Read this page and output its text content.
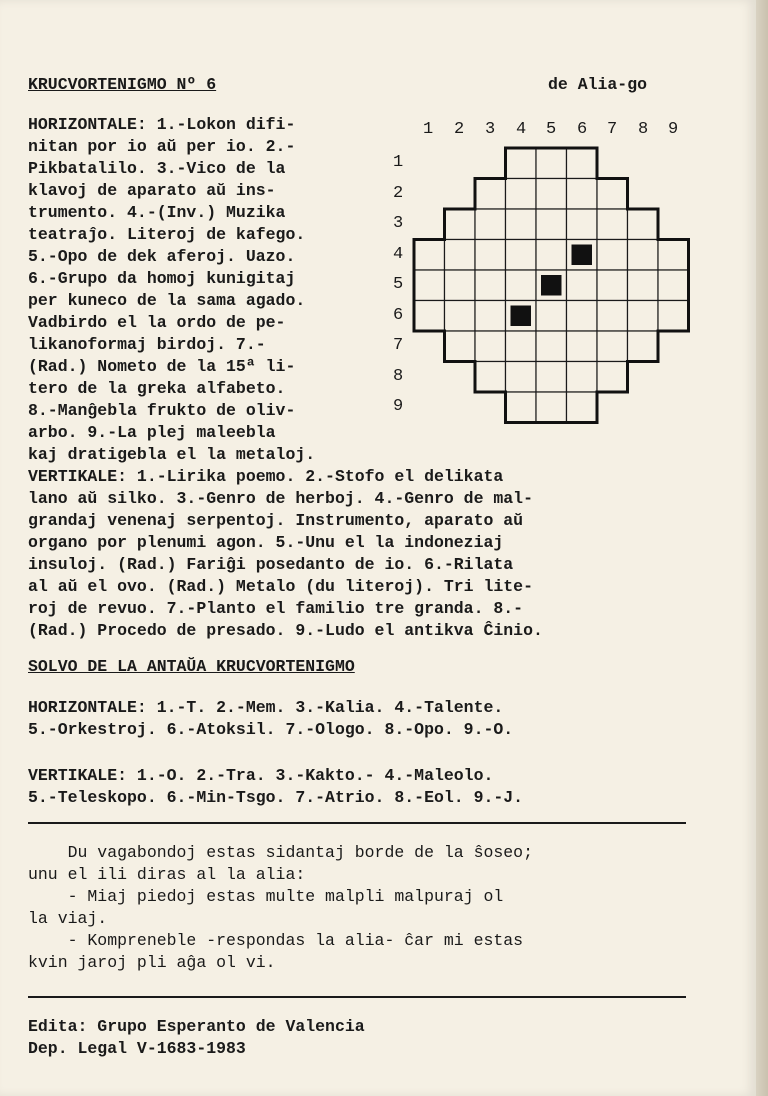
KRUCVORTENIGMO Nº 6	de Alia-go
HORIZONTALE: 1.-Lokon difi-
nitan por io aŭ per io. 2.-
Pikbatalilo. 3.-Vico de la
klavoj de aparato aŭ ins-
trumento. 4.-(Inv.) Muzika
teatraĵo. Literoj de kafego.
5.-Opo de dek aferoj. Uazo.
6.-Grupo da homoj kunigitaj
per kuneco de la sama agado.
Vadbirdo el la ordo de pe-
likanoformaj birdoj. 7.-
(Rad.) Nometo de la 15ª li-
tero de la greka alfabeto.
8.-Manĝebla frukto de oliv-
arbo. 9.-La plej maleebla
kaj dratigebla el la metaloj.
1 2 3 4 5 6 7 8 9
1
2
3
4
5
6
7
8
9
VERTIKALE: 1.-Lirika poemo. 2.-Stofo el delikata
lano aŭ silko. 3.-Genro de herboj. 4.-Genro de mal-
grandaj venenaj serpentoj. Instrumento, aparato aŭ
organo por plenumi agon. 5.-Unu el la indoneziaj
insuloj. (Rad.) Fariĝi posedanto de io. 6.-Rilata
al aŭ el ovo. (Rad.) Metalo (du literoj). Tri lite-
roj de revuo. 7.-Planto el familio tre granda. 8.-
(Rad.) Procedo de presado. 9.-Ludo el antikva Ĉinio.
SOLVO DE LA ANTAŬA KRUCVORTENIGMO
HORIZONTALE: 1.-T. 2.-Mem. 3.-Kalia. 4.-Talente.
5.-Orkestroj. 6.-Atoksil. 7.-Ologo. 8.-Opo. 9.-O.
VERTIKALE: 1.-O. 2.-Tra. 3.-Kakto.- 4.-Maleolo.
5.-Teleskopo. 6.-Min-Tsgo. 7.-Atrio. 8.-Eol. 9.-J.
Du vagabondoj estas sidantaj borde de la ŝoseo;
unu el ili diras al la alia:
- Miaj piedoj estas multe malpli malpuraj ol
la viaj.
- Kompreneble -respondas la alia- ĉar mi estas
kvin jaroj pli aĝa ol vi.
Edita: Grupo Esperanto de Valencia
Dep. Legal V-1683-1983
